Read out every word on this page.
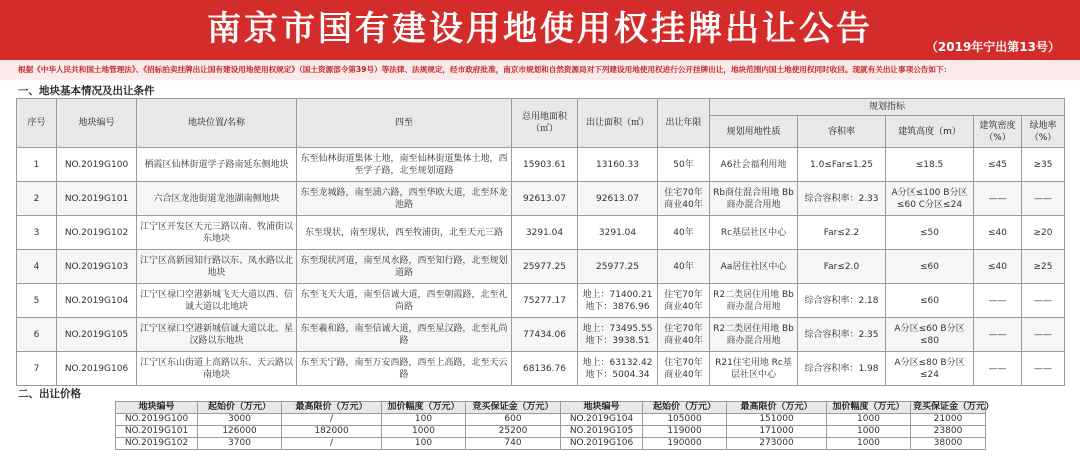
南京市国有建设用地使用权挂牌出让公告	（2019年宁出第13号）
根据《中华人民共和国土地管理法》、《招标拍卖挂牌出让国有建设用地使用权规定》（国土资源部令第39号）等法律、法规规定，经市政府批准，南京市规划和自然资源局对下列建设用地使用权进行公开挂牌出让，地块范围内国土地使用权同时收回。现就有关出让事项公告如下：
一、地块基本情况及出让条件
序号	地块编号	地块位置/名称	四至	总用地面积（㎡）	出让面积（㎡）	出让年限	规划指标				
							规划用地性质	容积率	建筑高度（m）	建筑密度（%）	绿地率（%）
1	NO.2019G100	栖霞区仙林街道学子路南延东侧地块	东至仙林街道集体土地，南至仙林街道集体土地，西至学子路，北至规划道路	15903.61	13160.33	50年	A6社会福利用地	1.0≤Far≤1.25	≤18.5	≤45	≥35
2	NO.2019G101	六合区龙池街道龙池湖南侧地块	东至龙城路，南至浦六路，西至华欧大道，北至环龙池路	92613.07	92613.07	住宅70年 商业40年	Rb商住混合用地 Bb商办混合用地	综合容积率：2.33	A分区≤100 B分区≤60 C分区≤24	——	——
3	NO.2019G102	江宁区开发区天元三路以南、牧浦街以东地块	东至现状，南至现状，西至牧浦街，北至天元三路	3291.04	3291.04	40年	Rc基层社区中心	Far≤2.2	≤50	≤40	≥20
4	NO.2019G103	江宁区高新园知行路以东、凤水路以北地块	东至现状河道，南至凤水路，西至知行路，北至规划道路	25977.25	25977.25	40年	Aa居住社区中心	Far≤2.0	≤60	≤40	≥25
5	NO.2019G104	江宁区禄口空港新城飞天大道以西、信诚大道以北地块	东至飞天大道，南至信诚大道，西至朝霞路，北至礼尚路	75277.17	地上：71400.21 地下：3876.96	住宅70年 商业40年	R2二类居住用地 Bb商办混合用地	综合容积率：2.18	≤60	——	——
6	NO.2019G105	江宁区禄口空港新城信诚大道以北、星汉路以东地块	东至羲和路，南至信诚大道，西至星汉路，北至礼尚路	77434.06	地上：73495.55 地下：3938.51	住宅70年 商业40年	R2二类居住用地 Bb商办混合用地	综合容积率：2.35	A分区≤60 B分区≤80	——	——
7	NO.2019G106	江宁区东山街道上高路以东、天云路以南地块	东至天宁路，南至万安西路，西至上高路，北至天云路	68136.76	地上：63132.42 地下：5004.34	住宅70年 商业40年	R21住宅用地 Rc基层社区中心	综合容积率：1.98	A分区≤80 B分区≤24	——	——
二、出让价格
地块编号	起始价（万元）	最高限价（万元）	加价幅度（万元）	竞买保证金（万元）	地块编号	起始价（万元）	最高限价（万元）	加价幅度（万元）	竞买保证金（万元）
NO.2019G100	3000	/	100	600	NO.2019G104	105000	151000	1000	21000
NO.2019G101	126000	182000	1000	25200	NO.2019G105	119000	171000	1000	23800
NO.2019G102	3700	/	100	740	NO.2019G106	190000	273000	1000	38000
